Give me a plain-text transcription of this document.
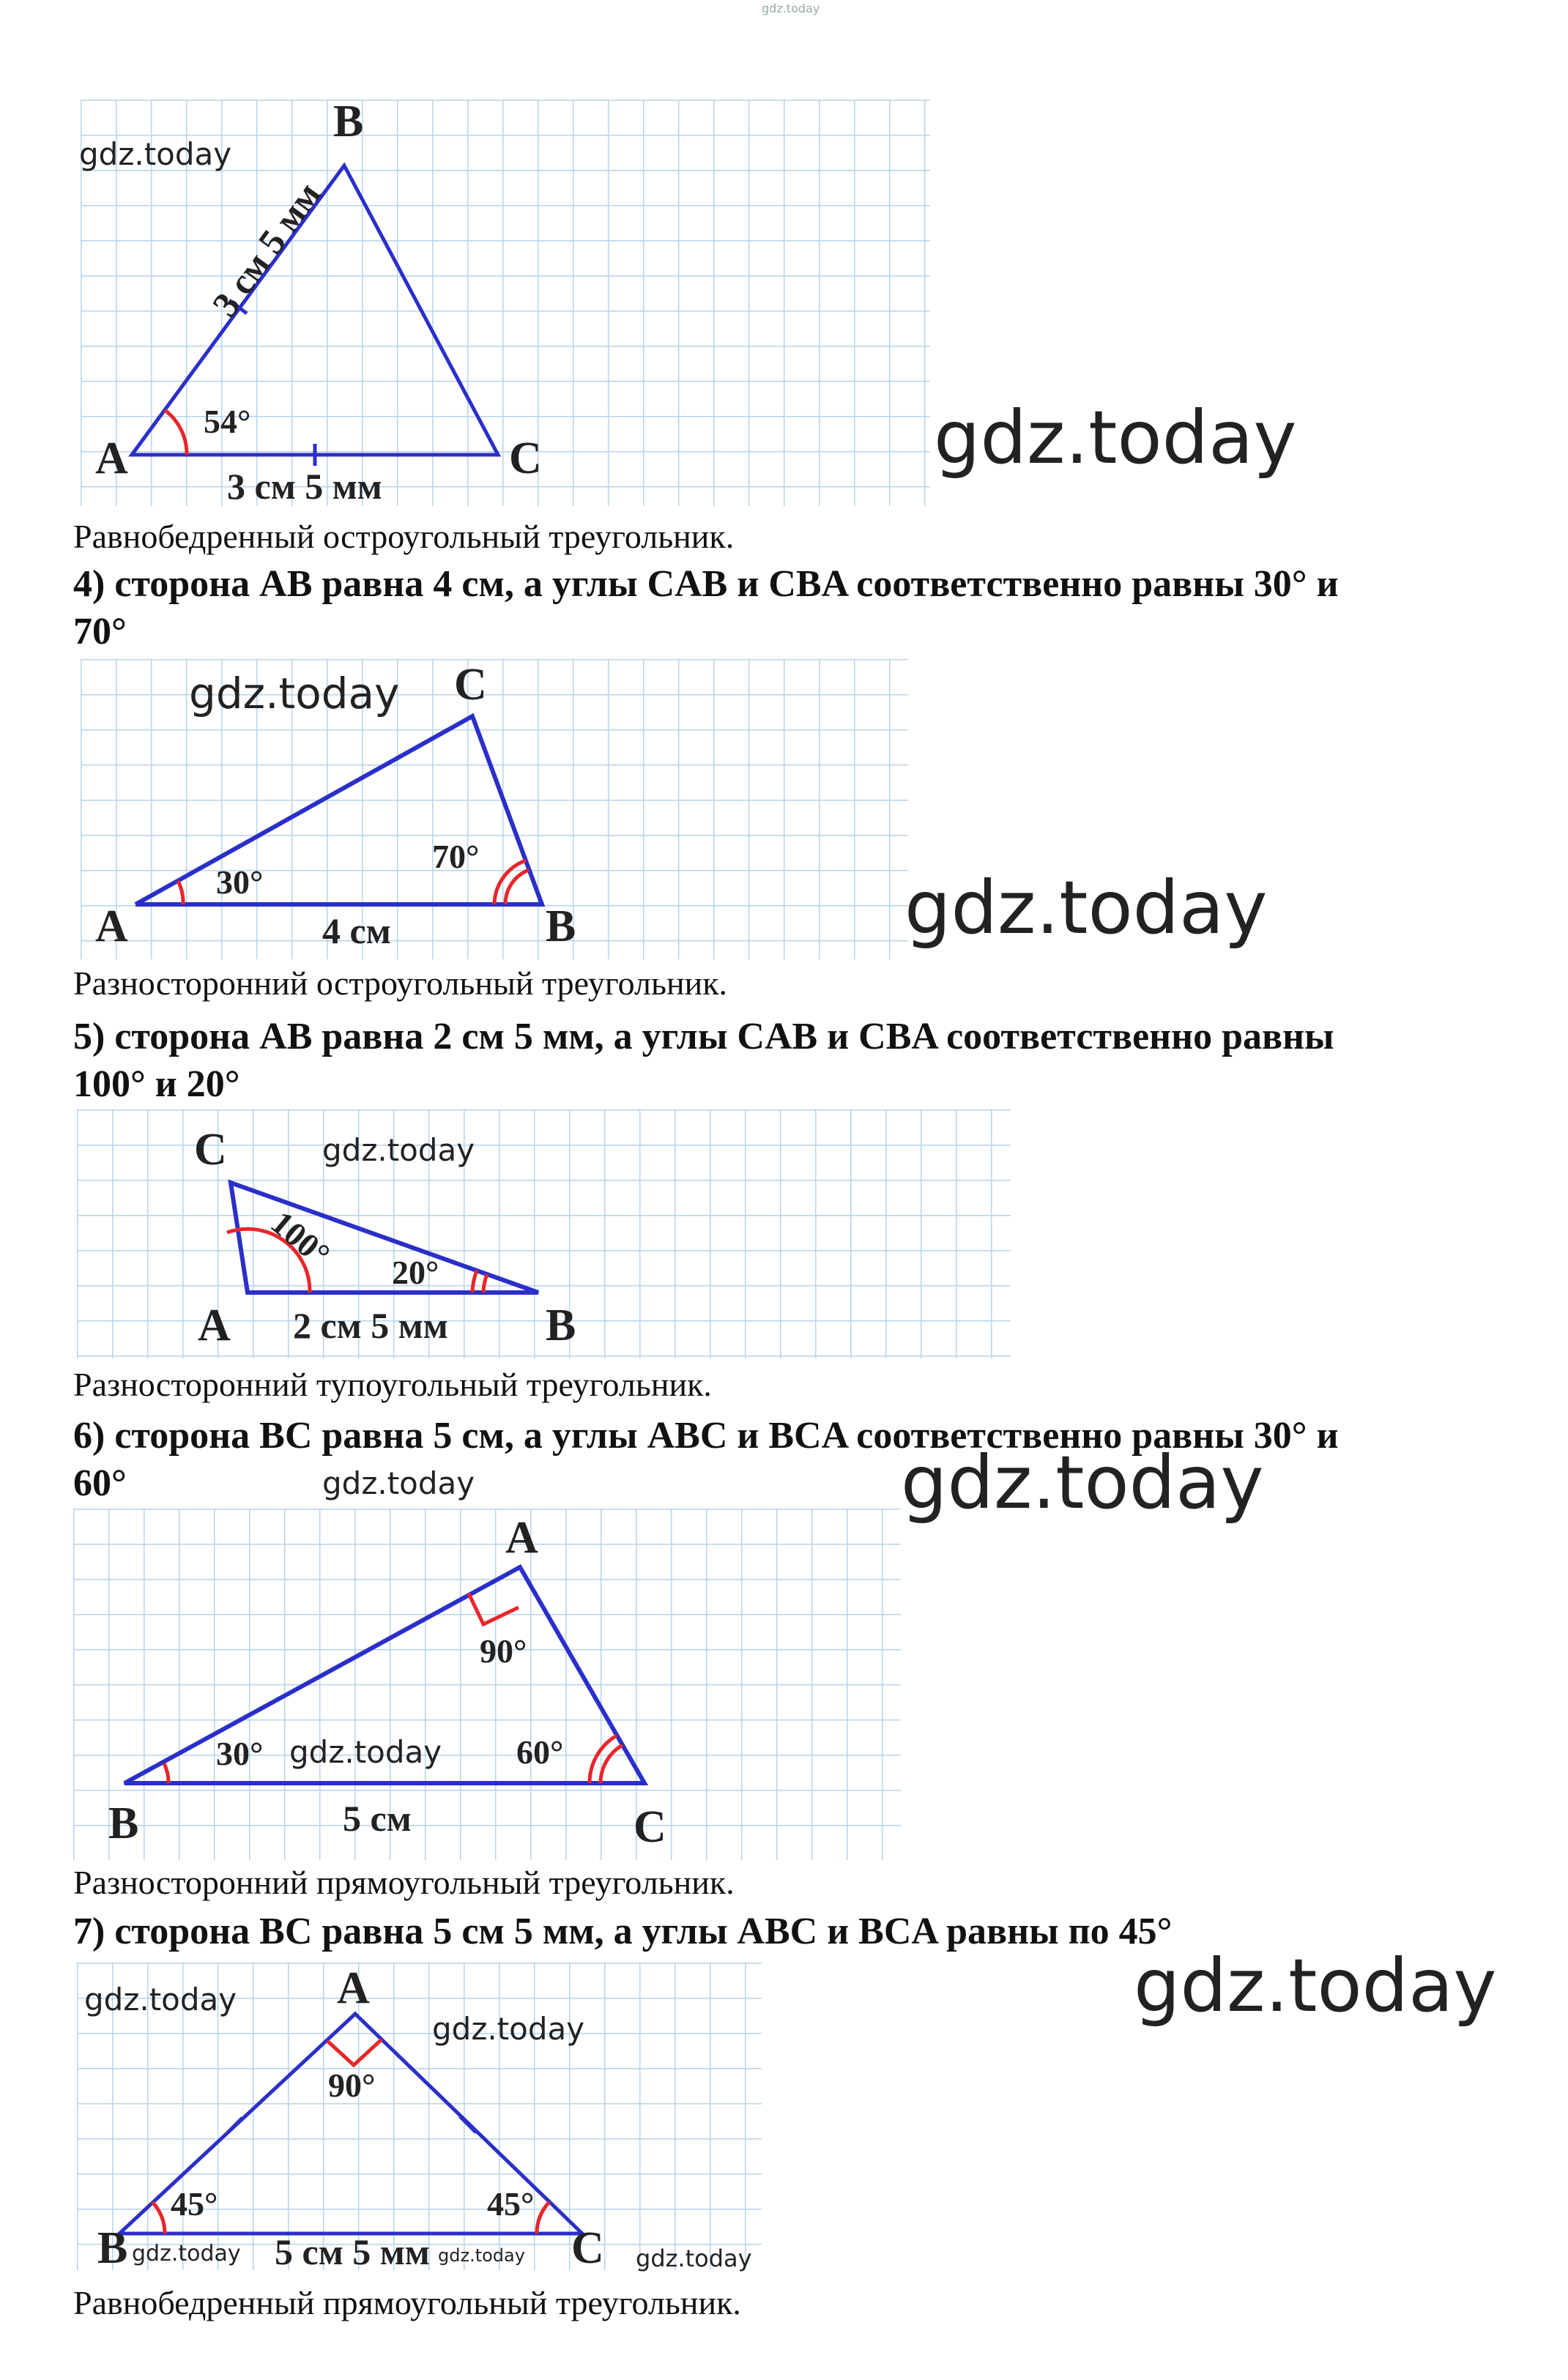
gdz.today
A
B
C
54°
3 см 5 мм
3 см 5 мм
gdz.today
gdz.today
Равнобедренный остроугольный треугольник.
4) сторона AB равна 4 см, а углы CAB и CBA соответственно равны 30° и
70°
A	B
C
30°
70°
4 см
gdz.today
gdz.today
Разносторонний остроугольный треугольник.
5) сторона AB равна 2 см 5 мм, а углы CAB и CBA соответственно равны
100° и 20°
A	B
C
100° 20°
2 см 5 мм
gdz.today
Разносторонний тупоугольный треугольник.
6) сторона BC равна 5 см, а углы ABC и BCA соответственно равны 30° и
60°	gdz.today	gdz.today
A
B	C
90°
30°	60°
5 см
gdz.today
Разносторонний прямоугольный треугольник.
7) сторона BC равна 5 см 5 мм, а углы ABC и BCA равны по 45°
A
B	C
90°
45°	45°
5 см 5 мм
gdz.today
gdz.today
gdz.today
gdz.today	gdz.today	gdz.today
Равнобедренный прямоугольный треугольник.
